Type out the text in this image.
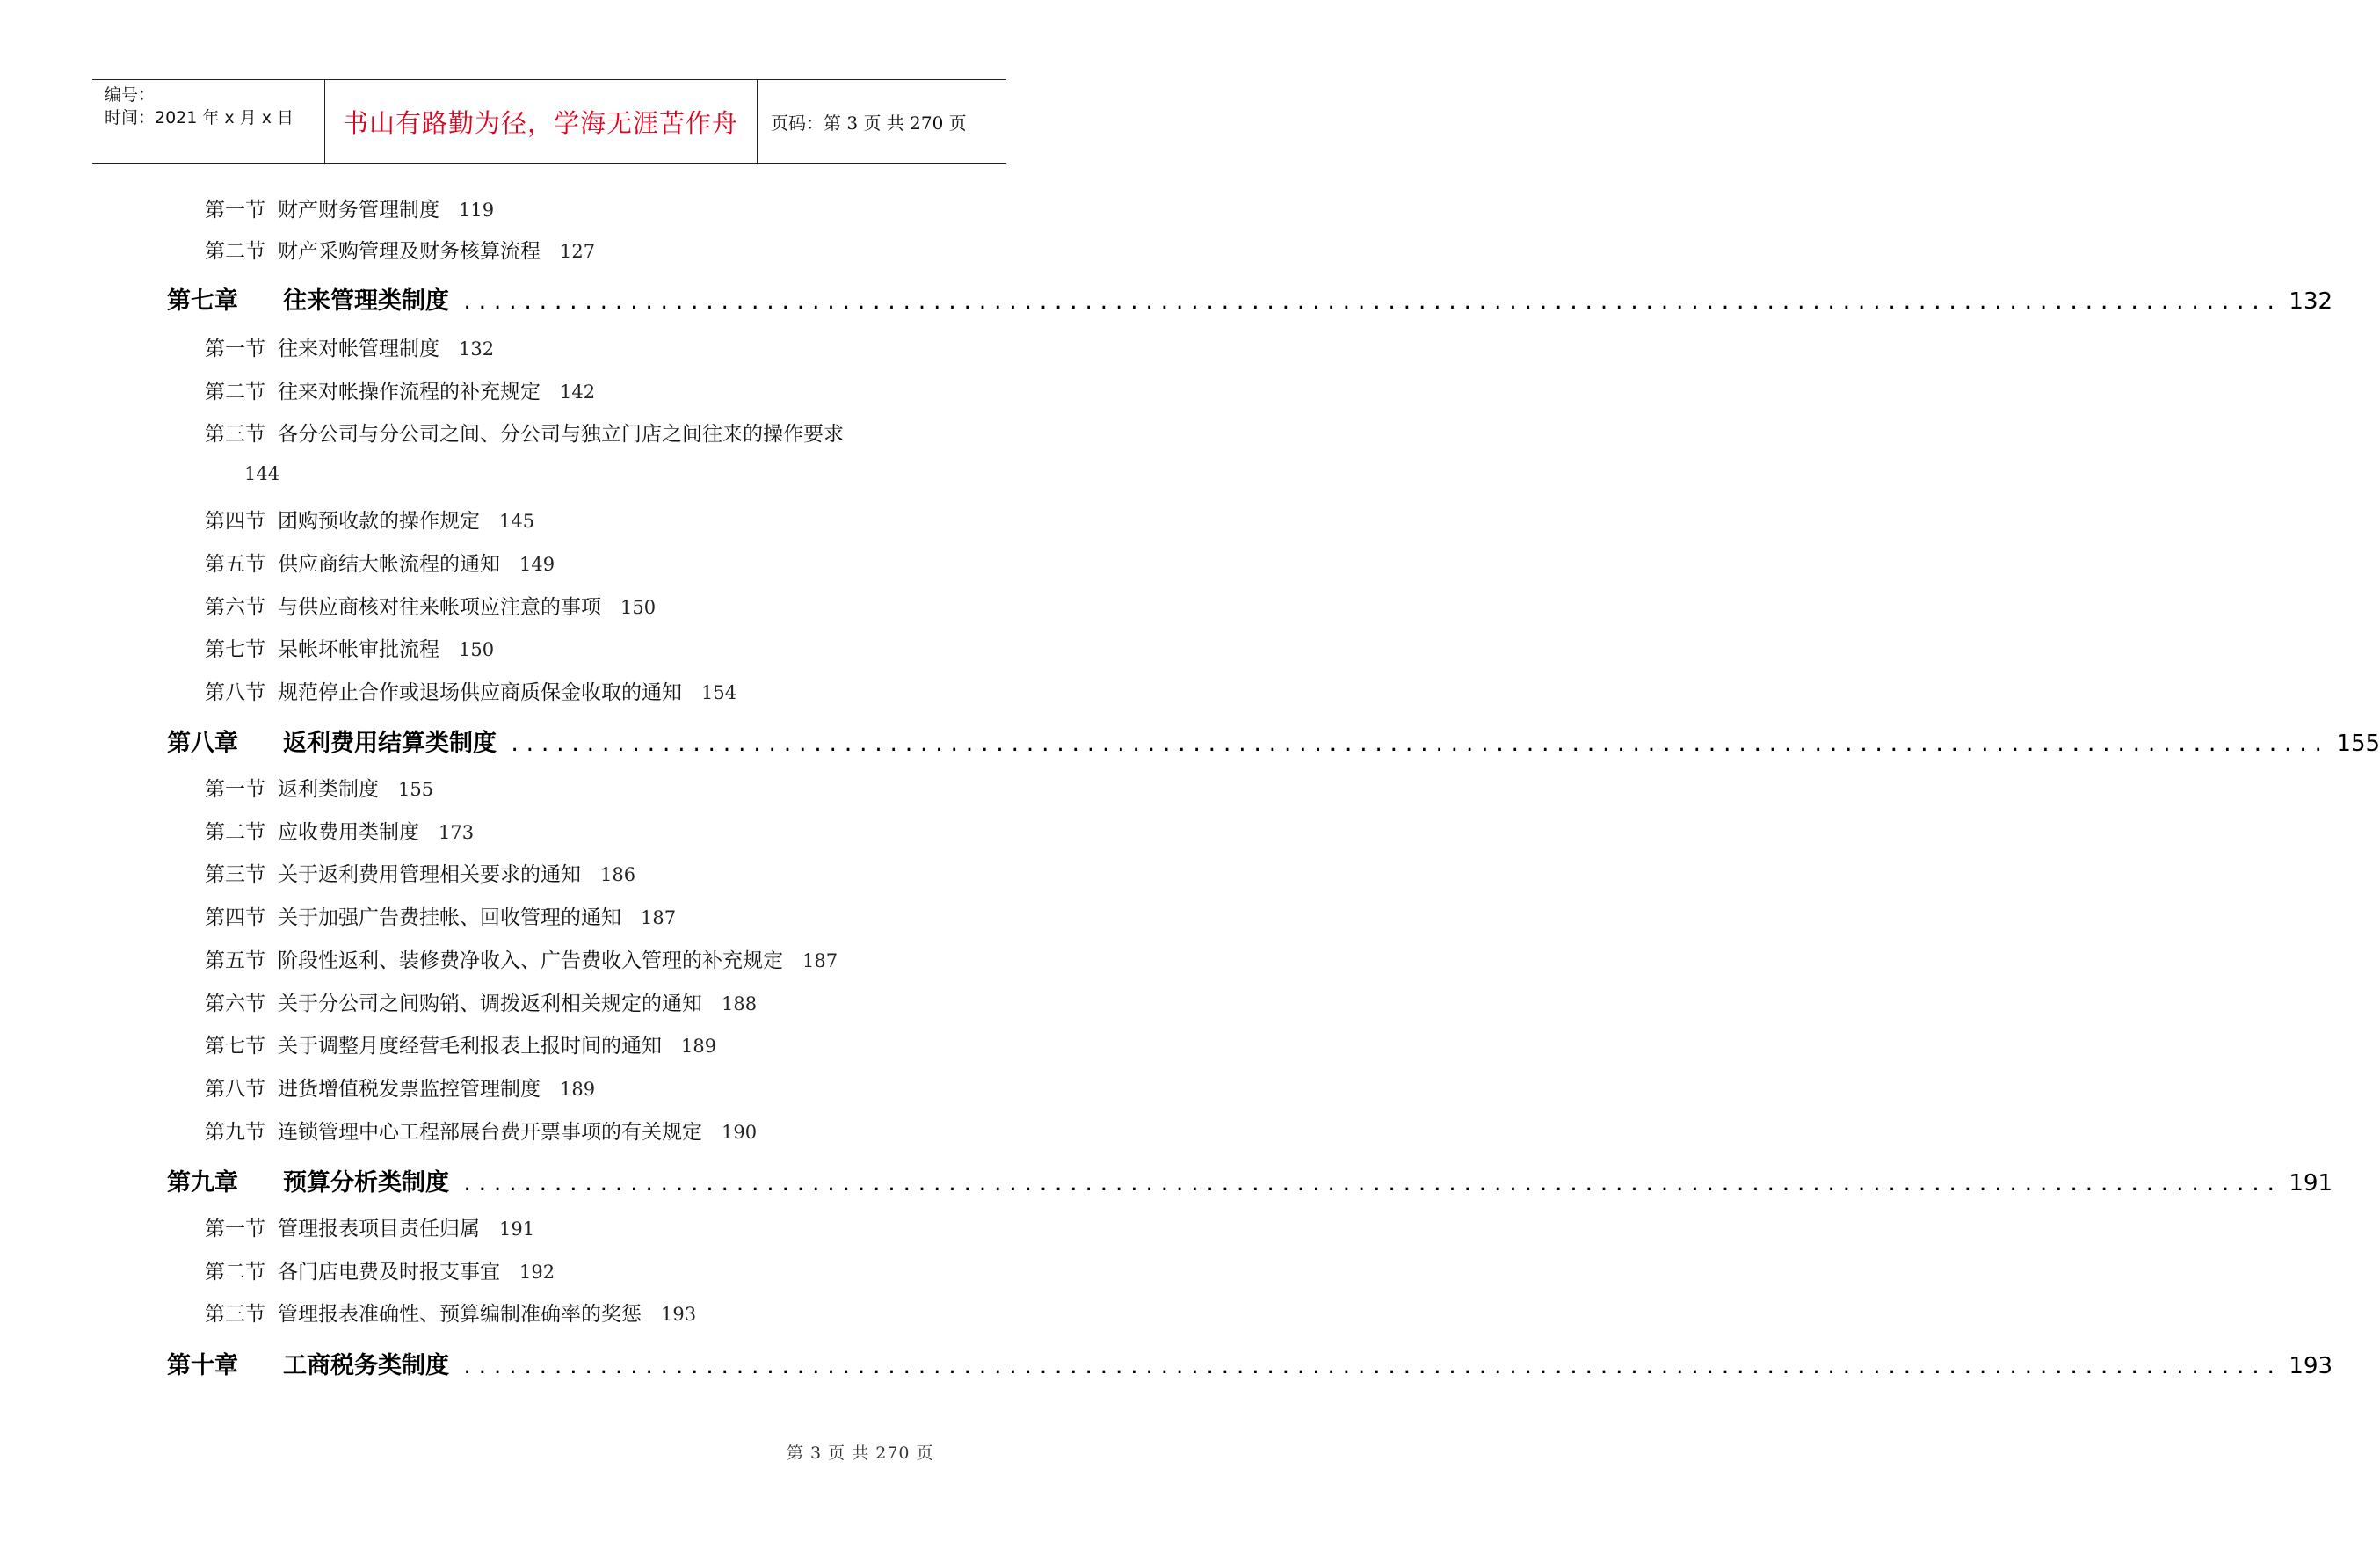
编号：
时间：2021 年 x 月 x 日 书山有路勤为径，学海无涯苦作舟 页码：第 3 页 共 270 页
第一节 财产财务管理制度 119
第二节 财产采购管理及财务核算流程 127
第七章	往来管理类制度 ........................................................................................................................ 132
第一节 往来对帐管理制度 132
第二节 往来对帐操作流程的补充规定 142
第三节 各分公司与分公司之间、分公司与独立门店之间往来的操作要求
144
第四节 团购预收款的操作规定 145
第五节 供应商结大帐流程的通知 149
第六节 与供应商核对往来帐项应注意的事项 150
第七节 呆帐坏帐审批流程 150
第八节 规范停止合作或退场供应商质保金收取的通知 154
第八章	返利费用结算类制度 ........................................................................................................................ 155
第一节 返利类制度 155
第二节 应收费用类制度 173
第三节 关于返利费用管理相关要求的通知 186
第四节 关于加强广告费挂帐、回收管理的通知 187
第五节 阶段性返利、装修费净收入、广告费收入管理的补充规定 187
第六节 关于分公司之间购销、调拨返利相关规定的通知 188
第七节 关于调整月度经营毛利报表上报时间的通知 189
第八节 进货增值税发票监控管理制度 189
第九节 连锁管理中心工程部展台费开票事项的有关规定 190
第九章	预算分析类制度 ........................................................................................................................ 191
第一节 管理报表项目责任归属 191
第二节 各门店电费及时报支事宜 192
第三节 管理报表准确性、预算编制准确率的奖惩 193
第十章	工商税务类制度 ........................................................................................................................ 193
第 3 页 共 270 页
